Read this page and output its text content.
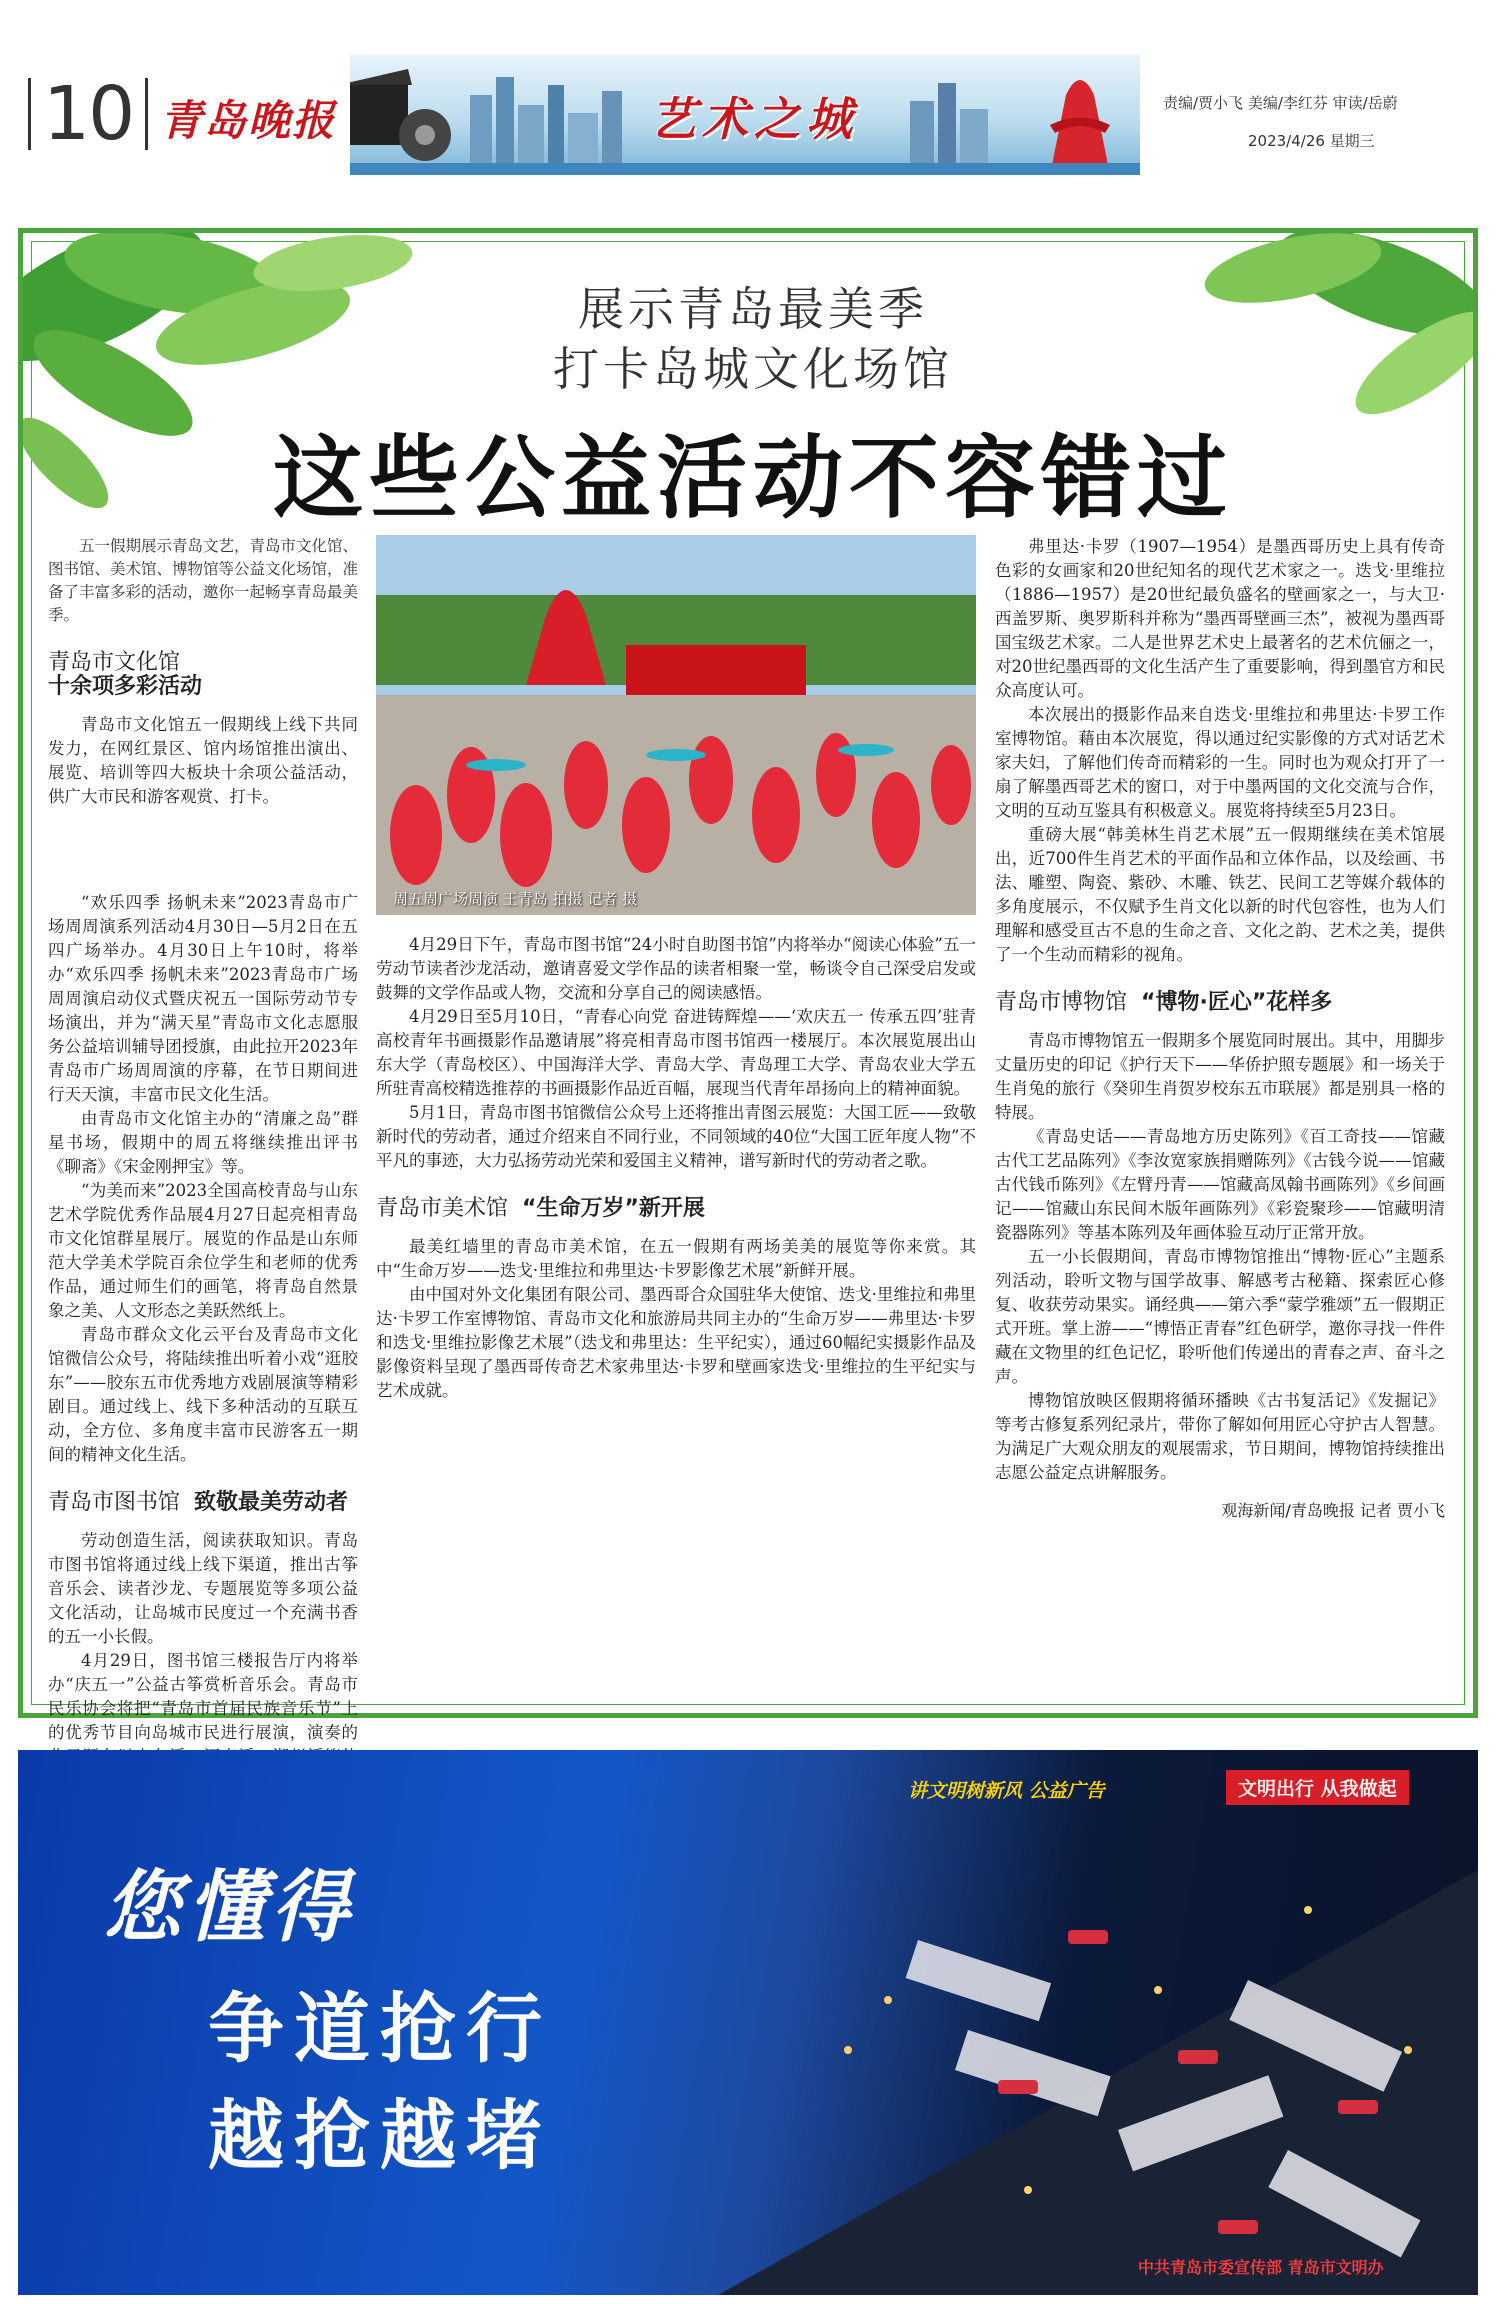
10 青岛晚报	艺术之城	责编/贾小飞 美编/李红芬 审读/岳蔚
2023/4/26 星期三
展示青岛最美季
打卡岛城文化场馆
这些公益活动不容错过
周五周广场周演 王青岛 拍摄 记者 摄

五一假期展示青岛文艺，青岛市文化馆、图书馆、美术馆、博物馆等公益文化场馆，准备了丰富多彩的活动，邀你一起畅享青岛最美季。

青岛市文化馆
十余项多彩活动

青岛市文化馆五一假期线上线下共同发力，在网红景区、馆内场馆推出演出、展览、培训等四大板块十余项公益活动，供广大市民和游客观赏、打卡。

“欢乐四季 扬帆未来”2023青岛市广场周周演系列活动4月30日—5月2日在五四广场举办。4月30日上午10时，将举办“欢乐四季 扬帆未来”2023青岛市广场周周演启动仪式暨庆祝五一国际劳动节专场演出，并为“满天星”青岛市文化志愿服务公益培训辅导团授旗，由此拉开2023年青岛市广场周周演的序幕，在节日期间进行天天演，丰富市民文化生活。

由青岛市文化馆主办的“清廉之岛”群星书场，假期中的周五将继续推出评书《聊斋》《宋金刚押宝》等。

“为美而来”2023全国高校青岛与山东艺术学院优秀作品展4月27日起亮相青岛市文化馆群星展厅。展览的作品是山东师范大学美术学院百余位学生和老师的优秀作品，通过师生们的画笔，将青岛自然景象之美、人文形态之美跃然纸上。

青岛市群众文化云平台及青岛市文化馆微信公众号，将陆续推出听着小戏“逛胶东”——胶东五市优秀地方戏剧展演等精彩剧目。通过线上、线下多种活动的互联互动，全方位、多角度丰富市民游客五一期间的精神文化生活。

青岛市图书馆 致敬最美劳动者

劳动创造生活，阅读获取知识。青岛市图书馆将通过线上线下渠道，推出古筝音乐会、读者沙龙、专题展览等多项公益文化活动，让岛城市民度过一个充满书香的五一小长假。

4月29日，图书馆三楼报告厅内将举办“庆五一”公益古筝赏析音乐会。青岛市民乐协会将把“青岛市首届民族音乐节”上的优秀节目向岛城市民进行展演，演奏的

4月29日下午，青岛市图书馆“24小时自助图书馆”内将举办“阅读心体验”五一劳动节读者沙龙活动，邀请喜爱文学作品的读者相聚一堂，畅谈令自己深受启发或鼓舞的文学作品或人物，交流和分享自己的阅读感悟。

4月29日至5月10日，“青春心向党 奋进铸辉煌——‘欢庆五一 传承五四’驻青高校青年书画摄影作品邀请展”将亮相青岛市图书馆西一楼展厅。本次展览展出山东大学（青岛校区）、中国海洋大学、青岛大学、青岛理工大学、青岛农业大学五所驻青高校精选推荐的书画摄影作品近百幅，展现当代青年昂扬向上的精神面貌。

5月1日，青岛市图书馆微信公众号上还将推出青图云展览：大国工匠——致敬新时代的劳动者，通过介绍来自不同行业，不同领域的40位“大国工匠年度人物”不平凡的事迹，大力弘扬劳动光荣和爱国主义精神，谱写新时代的劳动者之歌。

青岛市美术馆 “生命万岁”新开展

最美红墙里的青岛市美术馆，在五一假期有两场美美的展览等你来赏。其中“生命万岁——迭戈·里维拉和弗里达·卡罗影像艺术展”新鲜开展。

由中国对外文化集团有限公司、墨西哥合众国驻华大使馆、迭戈·里维拉和弗里达·卡罗工作室博物馆、青岛市文化和旅游局共同主办的“生命万岁——弗里达·卡罗和迭戈·里维拉影像艺术展”（迭戈和弗里达：生平纪实），通过60幅纪实摄影作品及影像资料呈现了墨西哥传奇艺术家弗里达·卡罗和壁画家迭戈·里维拉的生平纪实与艺术成就。

弗里达·卡罗（1907—1954）是墨西哥历史上具有传奇色彩的女画家和20世纪知名的现代艺术家之一。迭戈·里维拉（1886—1957）是20世纪最负盛名的壁画家之一，与大卫·西盖罗斯、奥罗斯科并称为“墨西哥壁画三杰”，被视为墨西哥国宝级艺术家。二人是世界艺术史上最著名的艺术伉俪之一，对20世纪墨西哥的文化生活产生了重要影响，得到墨官方和民众高度认可。

本次展出的摄影作品来自迭戈·里维拉和弗里达·卡罗工作室博物馆。藉由本次展览，得以通过纪实影像的方式对话艺术家夫妇，了解他们传奇而精彩的一生。同时也为观众打开了一扇了解墨西哥艺术的窗口，对于中墨两国的文化交流与合作，文明的互动互鉴具有积极意义。展览将持续至5月23日。

重磅大展“韩美林生肖艺术展”五一假期继续在美术馆展出，近700件生肖艺术的平面作品和立体作品，以及绘画、书法、雕塑、陶瓷、紫砂、木雕、铁艺、民间工艺等媒介载体的多角度展示，不仅赋予生肖文化以新的时代包容性，也为人们理解和感受亘古不息的生命之音、文化之韵、艺术之美，提供了一个生动而精彩的视角。

青岛市博物馆 “博物·匠心”花样多

青岛市博物馆五一假期多个展览同时展出。其中，用脚步丈量历史的印记《护行天下——华侨护照专题展》和一场关于生肖兔的旅行《癸卯生肖贺岁校东五市联展》都是别具一格的特展。

《青岛史话——青岛地方历史陈列》《百工奇技——馆藏古代工艺品陈列》《李汝宽家族捐赠陈列》《古钱今说——馆藏古代钱币陈列》《左臂丹青——馆藏高凤翰书画陈列》《乡间画记——馆藏山东民间木版年画陈列》《彩瓷聚珍——馆藏明清瓷器陈列》等基本陈列及年画体验互动厅正常开放。

五一小长假期间，青岛市博物馆推出“博物·匠心”主题系列活动，聆听文物与国学故事、解感考古秘籍、探索匠心修复、收获劳动果实。诵经典——第六季“蒙学雅颂”五一假期正式开班。掌上游——“博悟正青春”红色研学，邀你寻找一件件藏在文物里的红色记忆，聆听他们传递出的青春之声、奋斗之声。

博物馆放映区假期将循环播映《古书复活记》《发掘记》等考古修复系列纪录片，带你了解如何用匠心守护古人智慧。为满足广大观众朋友的观展需求，节日期间，博物馆持续推出志愿公益定点讲解服务。

观海新闻/青岛晚报 记者 贾小飞
您懂得
争道抢行
越抢越堵
讲文明树新风 公益广告	文明出行 从我做起
中共青岛市委宣传部 青岛市文明办
